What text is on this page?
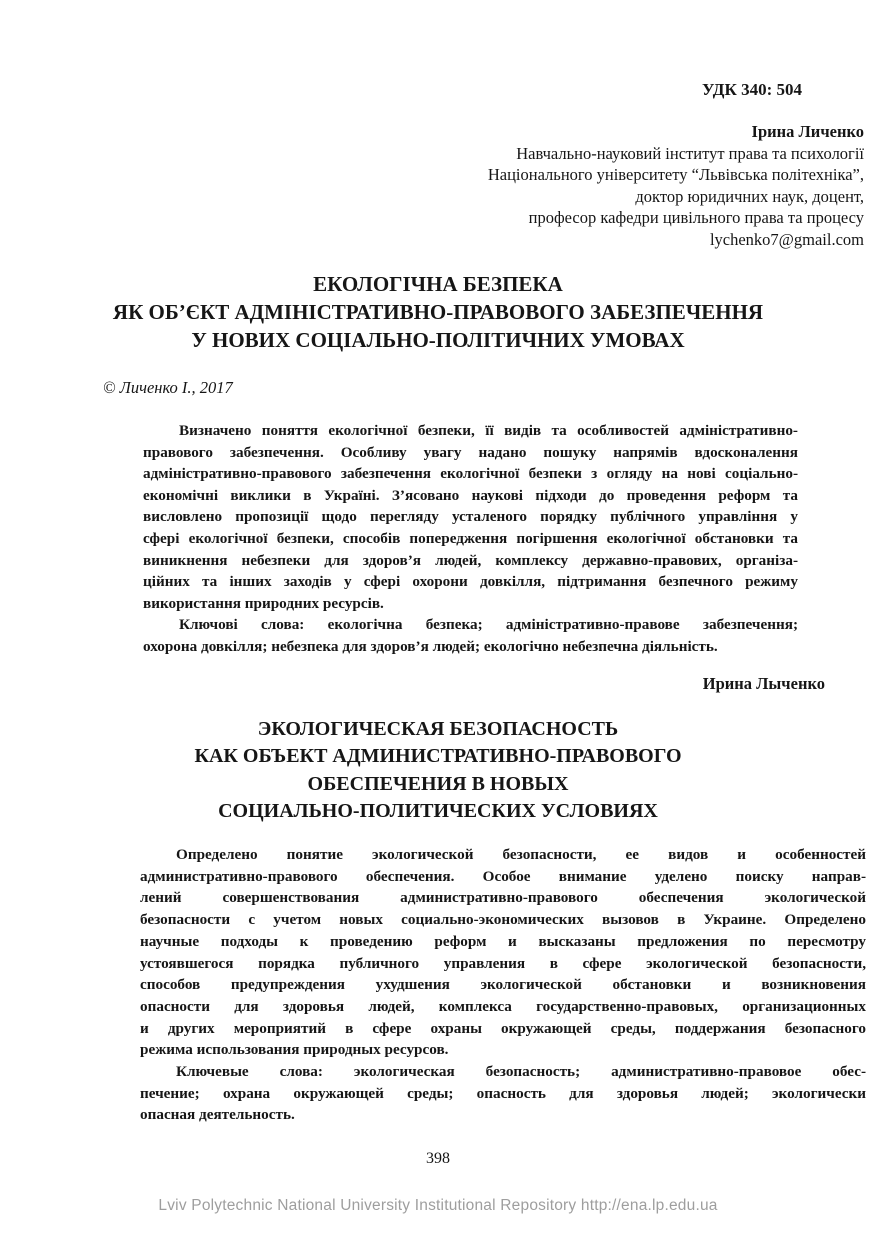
УДК 340: 504
Ірина Личенко
Навчально-науковий інститут права та психології
Національного університету “Львівська політехніка”,
доктор юридичних наук, доцент,
професор кафедри цивільного права та процесу
lychenko7@gmail.com
ЕКОЛОГІЧНА БЕЗПЕКА
ЯК ОБ’ЄКТ АДМІНІСТРАТИВНО-ПРАВОВОГО ЗАБЕЗПЕЧЕННЯ
У НОВИХ СОЦІАЛЬНО-ПОЛІТИЧНИХ УМОВАХ
© Личенко І., 2017
Визначено поняття екологічної безпеки, її видів та особливостей адміністративно-
правового забезпечення. Особливу увагу надано пошуку напрямів вдосконалення
адміністративно-правового забезпечення екологічної безпеки з огляду на нові соціально-
економічні виклики в Україні. З’ясовано наукові підходи до проведення реформ та
висловлено пропозиції щодо перегляду усталеного порядку публічного управління у
сфері екологічної безпеки, способів попередження погіршення екологічної обстановки та
виникнення небезпеки для здоров’я людей, комплексу державно-правових, організа-
ційних та інших заходів у сфері охорони довкілля, підтримання безпечного режиму
використання природних ресурсів.
Ключові слова: екологічна безпека; адміністративно-правове забезпечення;
охорона довкілля; небезпека для здоров’я людей; екологічно небезпечна діяльність.
Ирина Лыченко
ЭКОЛОГИЧЕСКАЯ БЕЗОПАСНОСТЬ
КАК ОБЪЕКТ АДМИНИСТРАТИВНО-ПРАВОВОГО
ОБЕСПЕЧЕНИЯ В НОВЫХ
СОЦИАЛЬНО-ПОЛИТИЧЕСКИХ УСЛОВИЯХ
Определено понятие экологической безопасности, ее видов и особенностей
административно-правового обеспечения. Особое внимание уделено поиску направ-
лений совершенствования административно-правового обеспечения экологической
безопасности с учетом новых социально-экономических вызовов в Украине. Определено
научные подходы к проведению реформ и высказаны предложения по пересмотру
устоявшегося порядка публичного управления в сфере экологической безопасности,
способов предупреждения ухудшения экологической обстановки и возникновения
опасности для здоровья людей, комплекса государственно-правовых, организационных
и других мероприятий в сфере охраны окружающей среды, поддержания безопасного
режима использования природных ресурсов.
Ключевые слова: экологическая безопасность; административно-правовое обес-
печение; охрана окружающей среды; опасность для здоровья людей; экологически
опасная деятельность.
398
Lviv Polytechnic National University Institutional Repository http://ena.lp.edu.ua
